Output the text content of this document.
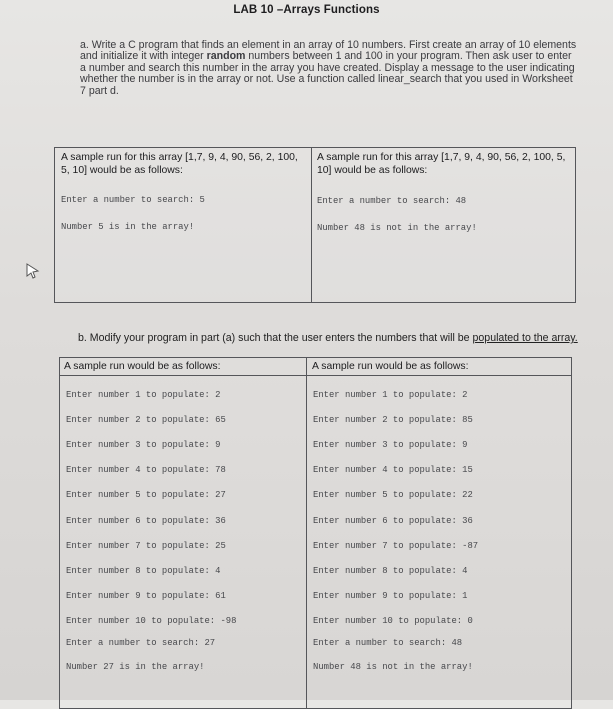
LAB 10 –Arrays Functions
a. Write a C program that finds an element in an array of 10 numbers. First create an array of 10 elements and initialize it with integer random numbers between 1 and 100 in your program. Then ask user to enter a number and search this number in the array you have created. Display a message to the user indicating whether the number is in the array or not. Use a function called linear_search that you used in Worksheet 7 part d.
A sample run for this array [1,7, 9, 4, 90, 56, 2, 100, 5, 10] would be as follows:
A sample run for this array [1,7, 9, 4, 90, 56, 2, 100, 5, 10] would be as follows:
Enter a number to search: 5
Number 5 is in the array!
Enter a number to search: 48
Number 48 is not in the array!
b. Modify your program in part (a) such that the user enters the numbers that will be populated to the array.
A sample run would be as follows:	A sample run would be as follows:
Enter number 1 to populate: 2
Enter number 2 to populate: 65
Enter number 3 to populate: 9
Enter number 4 to populate: 78
Enter number 5 to populate: 27
Enter number 6 to populate: 36
Enter number 7 to populate: 25
Enter number 8 to populate: 4
Enter number 9 to populate: 61
Enter number 10 to populate: -98
Enter a number to search: 27
Number 27 is in the array!
Enter number 1 to populate: 2
Enter number 2 to populate: 85
Enter number 3 to populate: 9
Enter number 4 to populate: 15
Enter number 5 to populate: 22
Enter number 6 to populate: 36
Enter number 7 to populate: -87
Enter number 8 to populate: 4
Enter number 9 to populate: 1
Enter number 10 to populate: 0
Enter a number to search: 48
Number 48 is not in the array!
